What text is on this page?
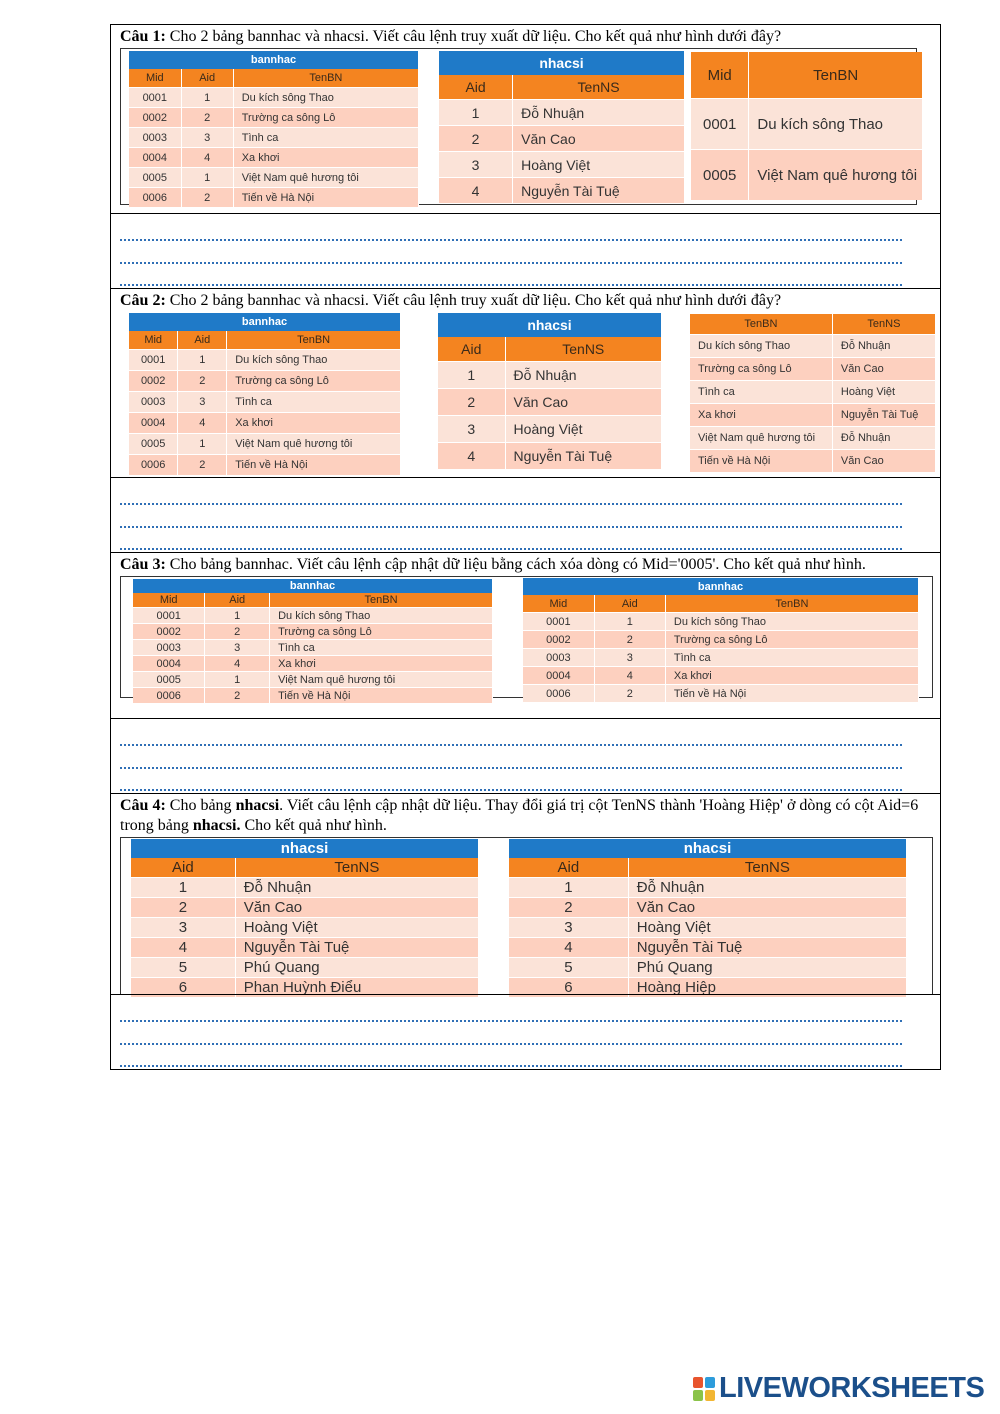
Câu 1: Cho 2 bảng bannhac và nhacsi. Viết câu lệnh truy xuất dữ liệu. Cho kết quả như hình dưới đây?
bannhac		
Mid	Aid	TenBN
0001	1	Du kích sông Thao
0002	2	Trường ca sông Lô
0003	3	Tình ca
0004	4	Xa khơi
0005	1	Việt Nam quê hương tôi
0006	2	Tiến về Hà Nội
nhacsi	
Aid	TenNS
1	Đỗ Nhuận
2	Văn Cao
3	Hoàng Việt
4	Nguyễn Tài Tuệ
Mid	TenBN
0001	Du kích sông Thao
0005	Việt Nam quê hương tôi
Câu 2: Cho 2 bảng bannhac và nhacsi. Viết câu lệnh truy xuất dữ liệu. Cho kết quả như hình dưới đây?
bannhac		
Mid	Aid	TenBN
0001	1	Du kích sông Thao
0002	2	Trường ca sông Lô
0003	3	Tình ca
0004	4	Xa khơi
0005	1	Việt Nam quê hương tôi
0006	2	Tiến về Hà Nội
nhacsi	
Aid	TenNS
1	Đỗ Nhuận
2	Văn Cao
3	Hoàng Việt
4	Nguyễn Tài Tuệ
TenBN	TenNS
Du kích sông Thao	Đỗ Nhuận
Trường ca sông Lô	Văn Cao
Tình ca	Hoàng Việt
Xa khơi	Nguyễn Tài Tuệ
Việt Nam quê hương tôi	Đỗ Nhuận
Tiến về Hà Nội	Văn Cao
Câu 3: Cho bảng bannhac. Viết câu lệnh cập nhật dữ liệu bằng cách xóa dòng có Mid='0005'. Cho kết quả như hình.
bannhac		
Mid	Aid	TenBN
0001	1	Du kích sông Thao
0002	2	Trường ca sông Lô
0003	3	Tình ca
0004	4	Xa khơi
0005	1	Việt Nam quê hương tôi
0006	2	Tiến về Hà Nội
bannhac		
Mid	Aid	TenBN
0001	1	Du kích sông Thao
0002	2	Trường ca sông Lô
0003	3	Tình ca
0004	4	Xa khơi
0006	2	Tiến về Hà Nội
Câu 4: Cho bảng nhacsi. Viết câu lệnh cập nhật dữ liệu. Thay đổi giá trị cột TenNS thành 'Hoàng Hiệp' ở dòng có cột Aid=6 trong bảng nhacsi. Cho kết quả như hình.
nhacsi	
Aid	TenNS
1	Đỗ Nhuận
2	Văn Cao
3	Hoàng Việt
4	Nguyễn Tài Tuệ
5	Phú Quang
6	Phan Huỳnh Điểu
nhacsi	
Aid	TenNS
1	Đỗ Nhuận
2	Văn Cao
3	Hoàng Việt
4	Nguyễn Tài Tuệ
5	Phú Quang
6	Hoàng Hiệp
LIVEWORKSHEETS
